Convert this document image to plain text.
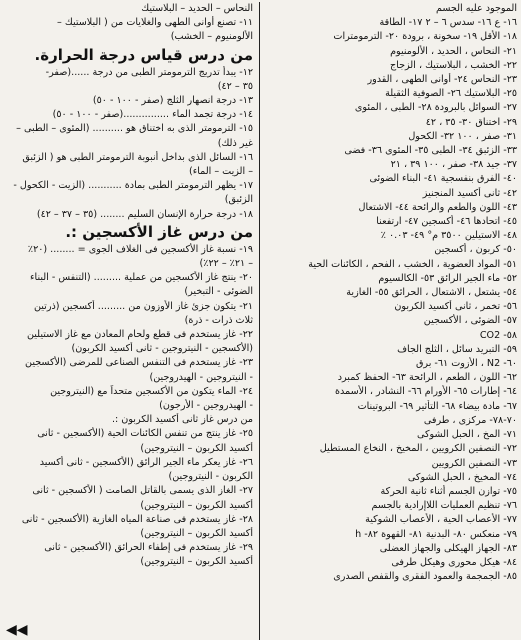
الموجود عليه الجسم
١٦- ع ١٦- سدس ٦ – ٢ ١٧- الطاقة
١٨- الأقل ١٩- سخونة ، برودة ٢٠- الترمومترات
٢١- النحاس ، الحديد ، الألومنيوم
٢٢- الخشب ، البلاستيك ، الزجاج
٢٣- النحاس ٢٤- أوانى الطهى ، القدور
٢٥- البلاستيك ٢٦- الصوفية الثقيلة
٢٧- السوائل بالبرودة ٢٨- الطبى ، المئوى
٢٩- اختناق ٣٠- ٣٥ ، ٤٢
٣١- صفر ، ١٠٠ ٣٢- الكحول
٣٣- الزئبق ٣٤- الطبى ٣٥- المئوى ٣٦- فضى
٣٧- جيد ٣٨- صفر ، ١٠٠ ٣٩ ، ٢١
٤٠- الفرق بنفسجية ٤١- البناء الضوئى
٤٢- ثانى أكسيد المنجنيز
٤٣- اللون والطعم والرائحة ٤٤- الاشتعال
٤٥- اتحادها ٤٦- أكسجين ٤٧- ارتفعنا
٤٨- الاستيلين ٣٥٠٠ م° ٤٩- ٠.٠٣ ٪
٥٠- كربون ، أكسجين
٥١- المواد العضوية ، الخشب ، الفحم ، الكائنات الحية
٥٢- ماء الجير الرائق ٥٣- الكالسيوم
٥٤- يشتعل ، الاشتعال ، الحرائق ٥٥- الغازية
٥٦- تخمر ، ثانى أكسيد الكربون
٥٧- الضوئى ، الأكسجين
٥٨- CO2
٥٩- التبريد سائل ، الثلج الجاف
٦٠- N2 ، الأزوت ٦١- برق
٦٢- اللون ، الطعم ، الرائحة ٦٣- الحفظ كمبرد
٦٤- إطارات ٦٥- الأورام ٦٦- النشادر ، الأسمدة
٦٧- مادة بيضاء ٦٨- التأثير ٦٩- البروتينات
٧٠-٧٨- مركزى ، طرفى
٧١- المخ ، الحبل الشوكى
٧٢- النصفين الكرويين ، المخيخ ، النخاع المستطيل
٧٣- النصفين الكرويين
٧٤- المخيخ ، الحبل الشوكى
٧٥- توازن الجسم أثناء ثانية الحركة
٧٦- تنظيم العمليات اللاإرادية بالجسم
٧٧- الأعصاب الحية ، الأعصاب الشوكية
٧٩- منعكس ٨٠- البدنية ٨١- القهوة ٨٢- h
٨٣- الجهاز الهيكلى والجهاز العضلى
٨٤- هيكل محورى وهيكل طرفى
٨٥- الجمجمة والعمود الفقرى والقفص الصدرى
النحاس – الحديد – البلاستيك
١١- تصنع أوانى الطهى والغلايات من ( البلاستيك –
الألومنيوم – الخشب)
من درس قياس درجة الحرارة.
١٢- يبدأ تدريج الترمومتر الطبى من درجة ......(صفر-
٣٥ – ٤٢)
١٣- درجة انصهار الثلج (صفر - ١٠٠ - ٥٠)
١٤- درجة تجمد الماء ...............(صفر - ١٠٠ - ٥٠)
١٥- الترمومتر الذى به اختناق هو .......... (المئوى – الطبى –
غير ذلك)
١٦- السائل الذى بداخل أنبوبة الترمومتر الطبى هو ( الزئبق
– الزيت – الماء)
١٧- يظهر الترمومتر الطبى بمادة ........... (الزيت - الكحول -
الزئبق)
١٨- درجة حرارة الإنسان السليم ........ (٣٥ – ٣٧ – ٤٢)
من درس غاز الأكسجين :.
١٩- نسبة غاز الأكسجين فى الغلاف الجوى = ........ (٢٠٪
– ٢١٪ – ٢٢٪)
٢٠- ينتج غاز الأكسجين من عملية ......... (التنفس - البناء
الضوئى - التبخير)
٢١- يتكون جزئ غاز الأوزون من ......... أكسجين (ذرتين
ثلاث ذرات - ذرة)
٢٢- غاز يستخدم فى قطع ولحام المعادن مع غاز الاستيلين
(الأكسجين - النيتروجين - ثانى أكسيد الكربون)
٢٣- غاز يستخدم فى التنفس الصناعى للمرضى (الأكسجين
- النيتروجين - الهيدروجين)
٢٤- الماء يتكون من الأكسجين متحداً مع (النيتروجين
- الهيدروجين - الأرجون)
من درس غاز ثانى أكسيد الكربون :.
٢٥- غاز ينتج من تنفس الكائنات الحية (الأكسجين - ثانى
أكسيد الكربون – النيتروجين)
٢٦- غاز يعكر ماء الجير الرائق (الأكسجين - ثانى أكسيد
الكربون - النيتروجين)
٢٧- الغاز الذى يسمى بالقاتل الصامت ( الأكسجين - ثانى
أكسيد الكربون – النيتروجين)
٢٨- غاز يستخدم فى صناعة المياه الغازية (الأكسجين - ثانى
أكسيد الكربون – النيتروجين)
٢٩- غاز يستخدم فى إطفاء الحرائق (الأكسجين - ثانى
أكسيد الكربون – النيتروجين)
◀◀
